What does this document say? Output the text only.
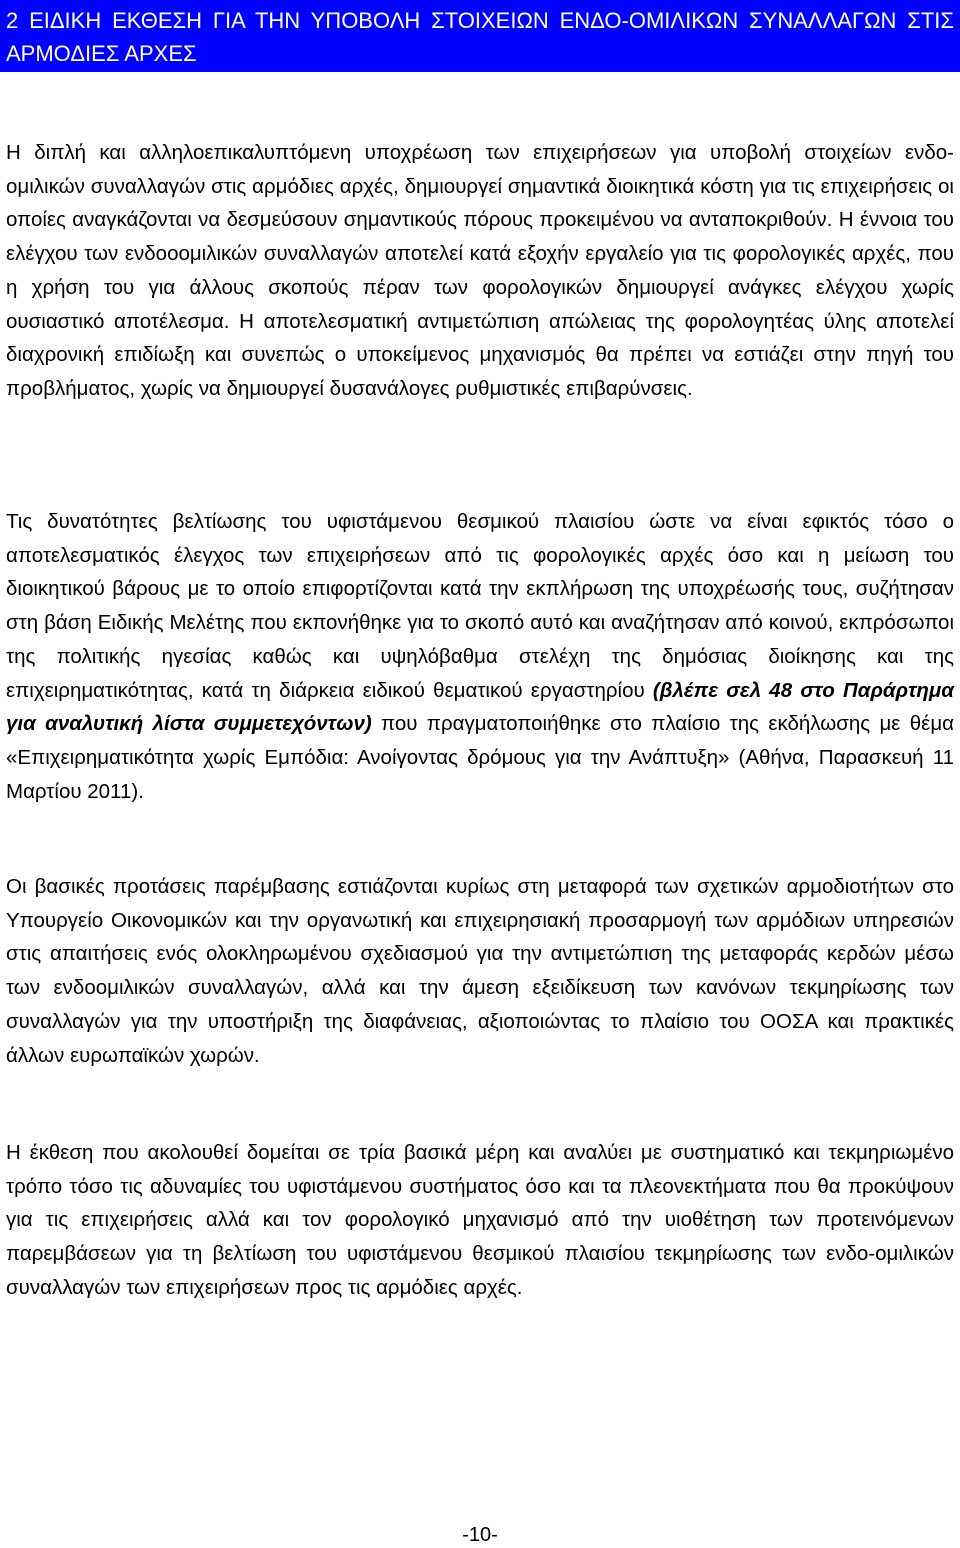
2 ΕΙΔΙΚΗ ΕΚΘΕΣΗ ΓΙΑ ΤΗΝ ΥΠΟΒΟΛΗ ΣΤΟΙΧΕΙΩΝ ΕΝΔΟ-ΟΜΙΛΙΚΩΝ ΣΥΝΑΛΛΑΓΩΝ ΣΤΙΣ ΑΡΜΟΔΙΕΣ ΑΡΧΕΣ

Η διπλή και αλληλοεπικαλυπτόμενη υποχρέωση των επιχειρήσεων για υποβολή στοιχείων ενδο-ομιλικών συναλλαγών στις αρμόδιες αρχές, δημιουργεί σημαντικά διοικητικά κόστη για τις επιχειρήσεις οι οποίες αναγκάζονται να δεσμεύσουν σημαντικούς πόρους προκειμένου να ανταποκριθούν. Η έννοια του ελέγχου των ενδοοομιλικών συναλλαγών αποτελεί κατά εξοχήν εργαλείο για τις φορολογικές αρχές, που η χρήση του για άλλους σκοπούς πέραν των φορολογικών δημιουργεί ανάγκες ελέγχου χωρίς ουσιαστικό αποτέλεσμα. Η αποτελεσματική αντιμετώπιση απώλειας της φορολογητέας ύλης αποτελεί διαχρονική επιδίωξη και συνεπώς ο υποκείμενος μηχανισμός θα πρέπει να εστιάζει στην πηγή του προβλήματος, χωρίς να δημιουργεί δυσανάλογες ρυθμιστικές επιβαρύνσεις.

Τις δυνατότητες βελτίωσης του υφιστάμενου θεσμικού πλαισίου ώστε να είναι εφικτός τόσο ο αποτελεσματικός έλεγχος των επιχειρήσεων από τις φορολογικές αρχές όσο και η μείωση του διοικητικού βάρους με το οποίο επιφορτίζονται κατά την εκπλήρωση της υποχρέωσής τους, συζήτησαν στη βάση Ειδικής Μελέτης που εκπονήθηκε για το σκοπό αυτό και αναζήτησαν από κοινού, εκπρόσωποι της πολιτικής ηγεσίας καθώς και υψηλόβαθμα στελέχη της δημόσιας διοίκησης και της επιχειρηματικότητας, κατά τη διάρκεια ειδικού θεματικού εργαστηρίου (βλέπε σελ 48 στο Παράρτημα για αναλυτική λίστα συμμετεχόντων) που πραγματοποιήθηκε στο πλαίσιο της εκδήλωσης με θέμα «Επιχειρηματικότητα χωρίς Εμπόδια: Ανοίγοντας δρόμους για την Ανάπτυξη» (Αθήνα, Παρασκευή 11 Μαρτίου 2011).

Οι βασικές προτάσεις παρέμβασης εστιάζονται κυρίως στη μεταφορά των σχετικών αρμοδιοτήτων στο Υπουργείο Οικονομικών και την οργανωτική και επιχειρησιακή προσαρμογή των αρμόδιων υπηρεσιών στις απαιτήσεις ενός ολοκληρωμένου σχεδιασμού για την αντιμετώπιση της μεταφοράς κερδών μέσω των ενδοομιλικών συναλλαγών, αλλά και την άμεση εξειδίκευση των κανόνων τεκμηρίωσης των συναλλαγών για την υποστήριξη της διαφάνειας, αξιοποιώντας το πλαίσιο του ΟΟΣΑ και πρακτικές άλλων ευρωπαϊκών χωρών.

Η έκθεση που ακολουθεί δομείται σε τρία βασικά μέρη και αναλύει με συστηματικό και τεκμηριωμένο τρόπο τόσο τις αδυναμίες του υφιστάμενου συστήματος όσο και τα πλεονεκτήματα που θα προκύψουν για τις επιχειρήσεις αλλά και τον φορολογικό μηχανισμό από την υιοθέτηση των προτεινόμενων παρεμβάσεων για τη βελτίωση του υφιστάμενου θεσμικού πλαισίου τεκμηρίωσης των ενδο-ομιλικών συναλλαγών των επιχειρήσεων προς τις αρμόδιες αρχές.

-10-
